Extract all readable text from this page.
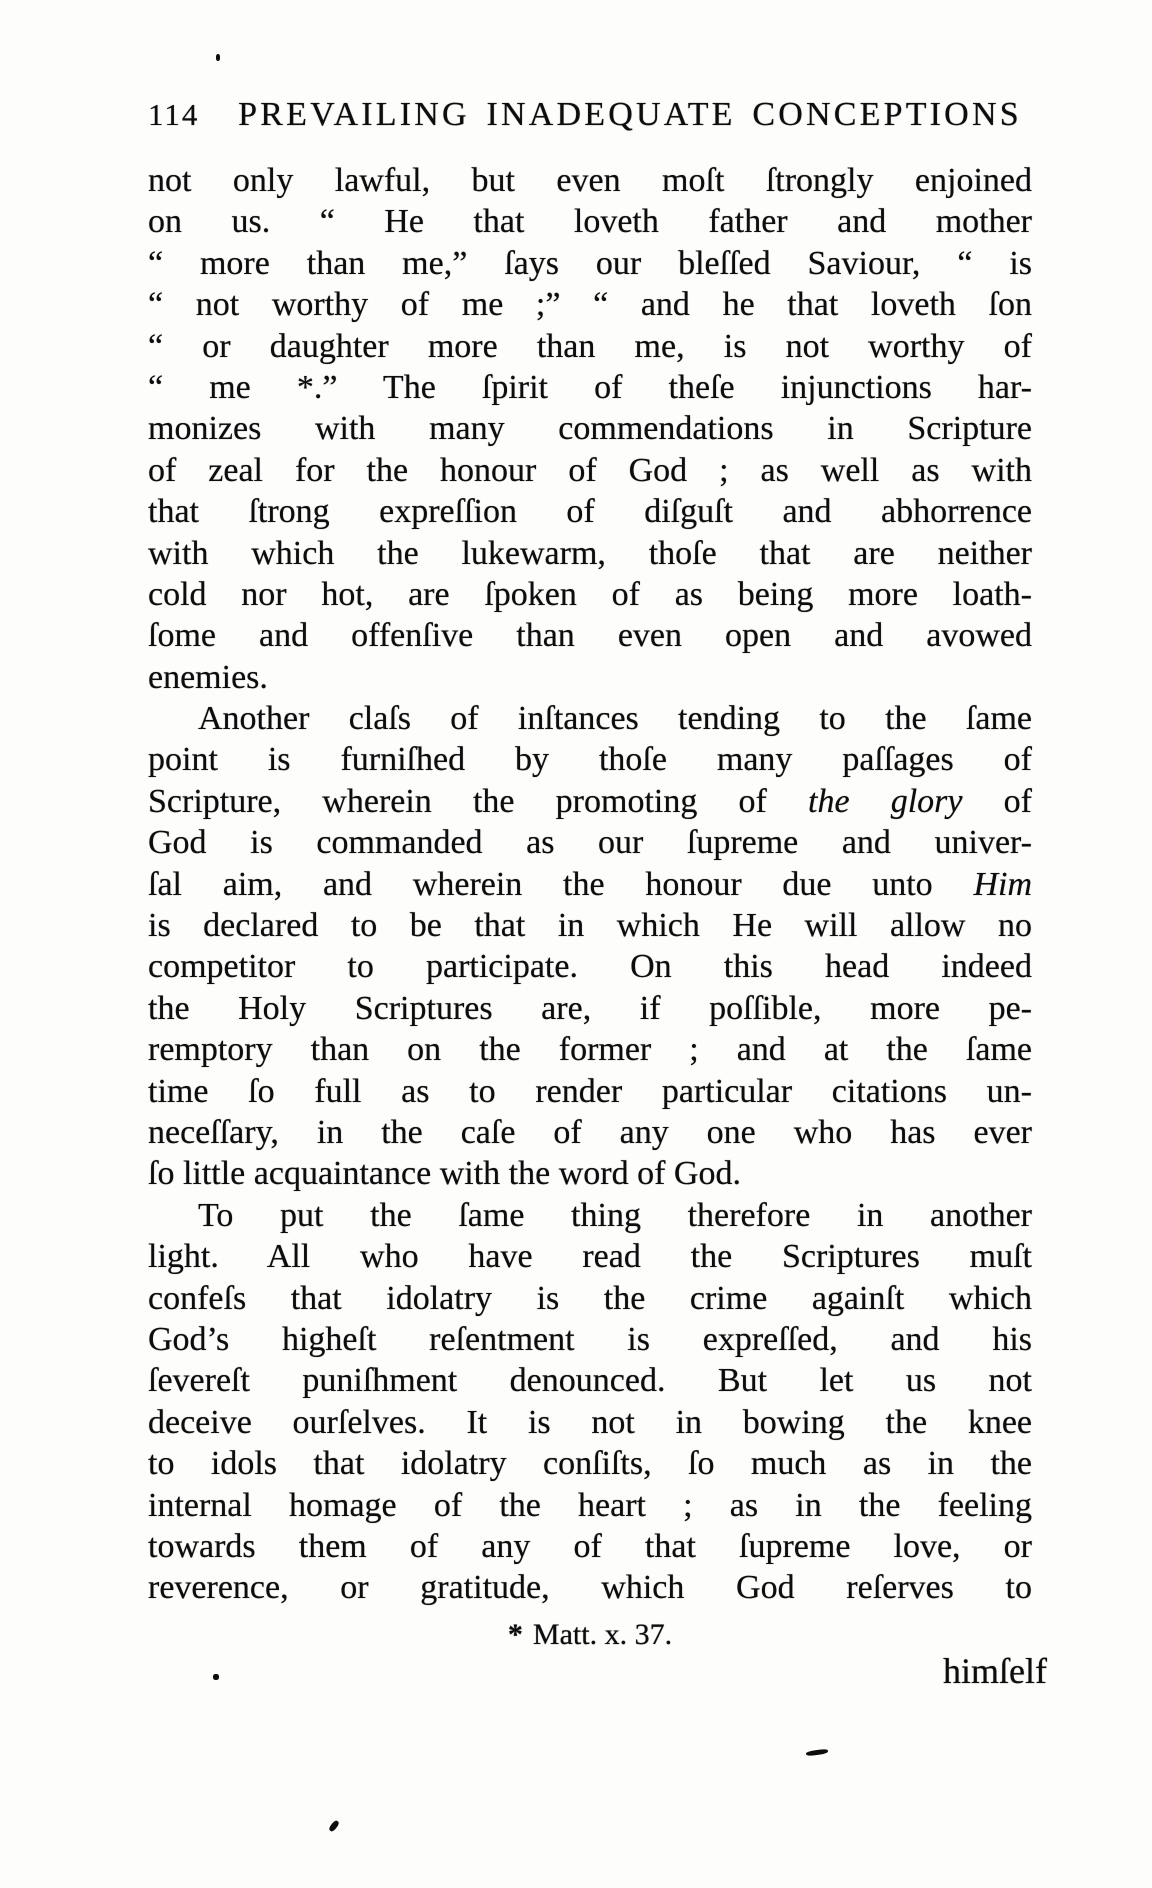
114	PREVAILING INADEQUATE CONCEPTIONS
not only lawful, but even moſt ſtrongly enjoined
on us. “ He that loveth father and mother
“ more than me,” ſays our bleſſed Saviour, “ is
“ not worthy of me ;” “ and he that loveth ſon
“ or daughter more than me, is not worthy of
“ me *.” The ſpirit of theſe injunctions har-
monizes with many commendations in Scripture
of zeal for the honour of God ; as well as with
that ſtrong expreſſion of diſguſt and abhorrence
with which the lukewarm, thoſe that are neither
cold nor hot, are ſpoken of as being more loath-
ſome and offenſive than even open and avowed
enemies.
Another claſs of inſtances tending to the ſame
point is furniſhed by thoſe many paſſages of
Scripture, wherein the promoting of the glory of
God is commanded as our ſupreme and univer-
ſal aim, and wherein the honour due unto Him
is declared to be that in which He will allow no
competitor to participate. On this head indeed
the Holy Scriptures are, if poſſible, more pe-
remptory than on the former ; and at the ſame
time ſo full as to render particular citations un-
neceſſary, in the caſe of any one who has ever
ſo little acquaintance with the word of God.
To put the ſame thing therefore in another
light. All who have read the Scriptures muſt
confeſs that idolatry is the crime againſt which
God’s higheſt reſentment is expreſſed, and his
ſevereſt puniſhment denounced. But let us not
deceive ourſelves. It is not in bowing the knee
to idols that idolatry conſiſts, ſo much as in the
internal homage of the heart ; as in the feeling
towards them of any of that ſupreme love, or
reverence, or gratitude, which God reſerves to
* Matt. x. 37.
himſelf
